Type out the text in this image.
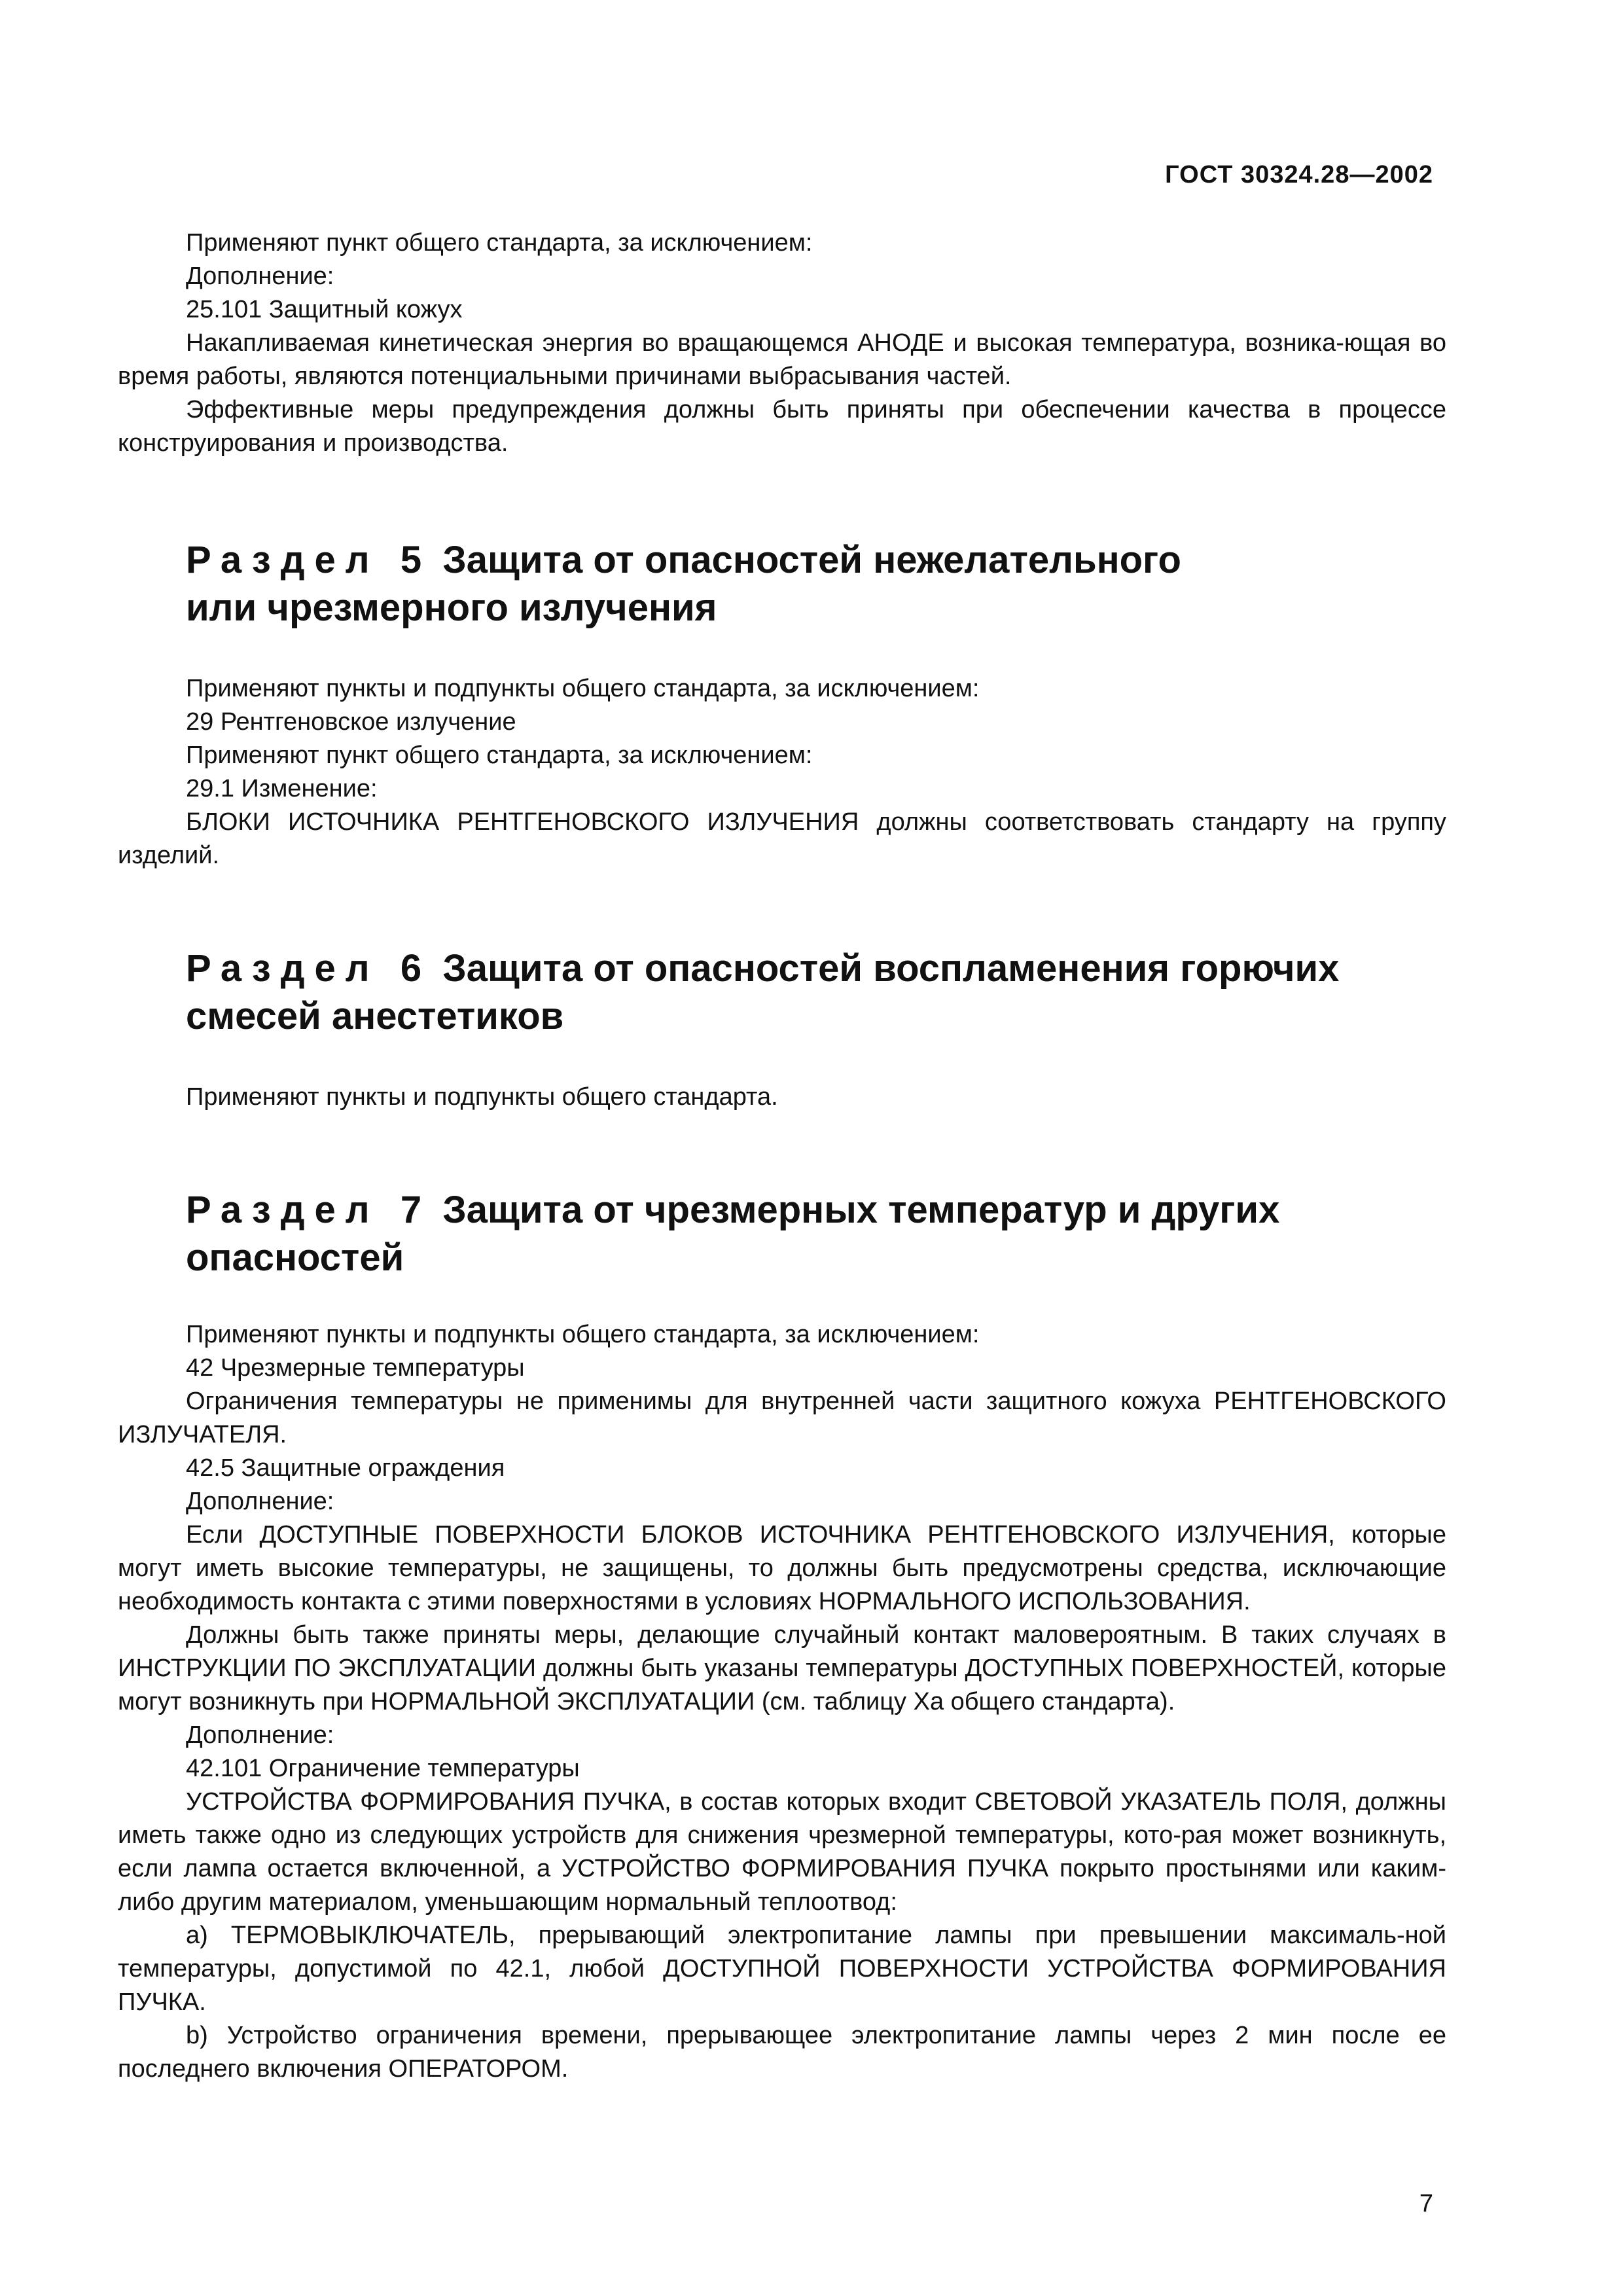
ГОСТ 30324.28—2002

Применяют пункт общего стандарта, за исключением:

Дополнение:

25.101 Защитный кожух

Накапливаемая кинетическая энергия во вращающемся АНОДЕ и высокая температура, возника-ющая во время работы, являются потенциальными причинами выбрасывания частей.

Эффективные меры предупреждения должны быть приняты при обеспечении качества в процессе конструирования и производства.

Раздел 5 Защита от опасностей нежелательного
или чрезмерного излучения

Применяют пункты и подпункты общего стандарта, за исключением:

29 Рентгеновское излучение

Применяют пункт общего стандарта, за исключением:

29.1 Изменение:

БЛОКИ ИСТОЧНИКА РЕНТГЕНОВСКОГО ИЗЛУЧЕНИЯ должны соответствовать стандарту на группу изделий.

Раздел 6 Защита от опасностей воспламенения горючих
смесей анестетиков

Применяют пункты и подпункты общего стандарта.

Раздел 7 Защита от чрезмерных температур и других
опасностей

Применяют пункты и подпункты общего стандарта, за исключением:

42 Чрезмерные температуры

Ограничения температуры не применимы для внутренней части защитного кожуха РЕНТГЕНОВСКОГО ИЗЛУЧАТЕЛЯ.

42.5 Защитные ограждения

Дополнение:

Если ДОСТУПНЫЕ ПОВЕРХНОСТИ БЛОКОВ ИСТОЧНИКА РЕНТГЕНОВСКОГО ИЗЛУЧЕНИЯ, которые могут иметь высокие температуры, не защищены, то должны быть предусмотрены средства, исключающие необходимость контакта с этими поверхностями в условиях НОРМАЛЬНОГО ИСПОЛЬЗОВАНИЯ.

Должны быть также приняты меры, делающие случайный контакт маловероятным. В таких случаях в ИНСТРУКЦИИ ПО ЭКСПЛУАТАЦИИ должны быть указаны температуры ДОСТУПНЫХ ПОВЕРХНОСТЕЙ, которые могут возникнуть при НОРМАЛЬНОЙ ЭКСПЛУАТАЦИИ (см. таблицу Ха общего стандарта).

Дополнение:

42.101 Ограничение температуры

УСТРОЙСТВА ФОРМИРОВАНИЯ ПУЧКА, в состав которых входит СВЕТОВОЙ УКАЗАТЕЛЬ ПОЛЯ, должны иметь также одно из следующих устройств для снижения чрезмерной температуры, кото-рая может возникнуть, если лампа остается включенной, а УСТРОЙСТВО ФОРМИРОВАНИЯ ПУЧКА покрыто простынями или каким-либо другим материалом, уменьшающим нормальный теплоотвод:

a) ТЕРМОВЫКЛЮЧАТЕЛЬ, прерывающий электропитание лампы при превышении максималь-ной температуры, допустимой по 42.1, любой ДОСТУПНОЙ ПОВЕРХНОСТИ УСТРОЙСТВА ФОРМИРОВАНИЯ ПУЧКА.

b) Устройство ограничения времени, прерывающее электропитание лампы через 2 мин после ее последнего включения ОПЕРАТОРОМ.

7
